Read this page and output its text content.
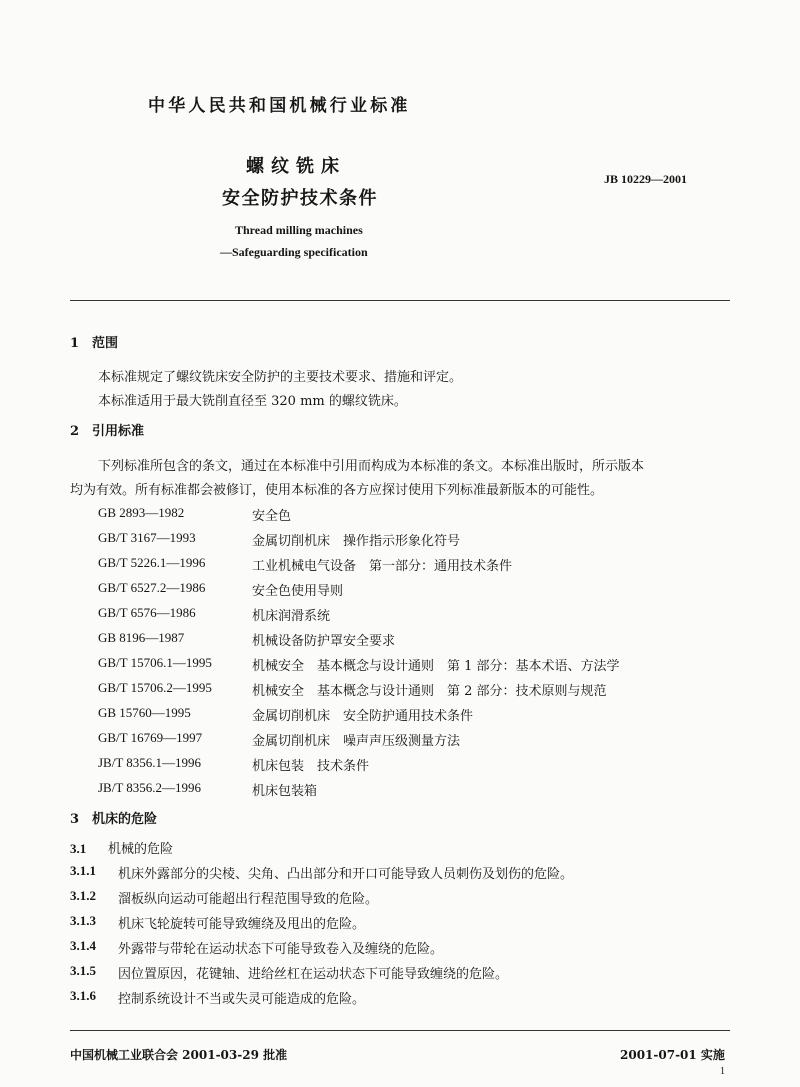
中华人民共和国机械行业标准
螺纹铣床
安全防护技术条件
JB 10229—2001
Thread milling machines
—Safeguarding specification
1 范围
本标准规定了螺纹铣床安全防护的主要技术要求、措施和评定。
本标准适用于最大铣削直径至 320 mm 的螺纹铣床。
2 引用标准
下列标准所包含的条文，通过在本标准中引用而构成为本标准的条文。本标准出版时，所示版本
均为有效。所有标准都会被修订，使用本标准的各方应探讨使用下列标准最新版本的可能性。
GB 2893—1982	安全色
GB/T 3167—1993	金属切削机床　操作指示形象化符号
GB/T 5226.1—1996	工业机械电气设备　第一部分：通用技术条件
GB/T 6527.2—1986	安全色使用导则
GB/T 6576—1986	机床润滑系统
GB 8196—1987	机械设备防护罩安全要求
GB/T 15706.1—1995	机械安全　基本概念与设计通则　第 1 部分：基本术语、方法学
GB/T 15706.2—1995	机械安全　基本概念与设计通则　第 2 部分：技术原则与规范
GB 15760—1995	金属切削机床　安全防护通用技术条件
GB/T 16769—1997	金属切削机床　噪声声压级测量方法
JB/T 8356.1—1996	机床包装　技术条件
JB/T 8356.2—1996	机床包装箱
3 机床的危险
3.1 机械的危险
3.1.1 机床外露部分的尖棱、尖角、凸出部分和开口可能导致人员刺伤及划伤的危险。
3.1.2 溜板纵向运动可能超出行程范围导致的危险。
3.1.3 机床飞轮旋转可能导致缠绕及甩出的危险。
3.1.4 外露带与带轮在运动状态下可能导致卷入及缠绕的危险。
3.1.5 因位置原因，花键轴、进给丝杠在运动状态下可能导致缠绕的危险。
3.1.6 控制系统设计不当或失灵可能造成的危险。
中国机械工业联合会 2001-03-29 批准	2001-07-01 实施
1
